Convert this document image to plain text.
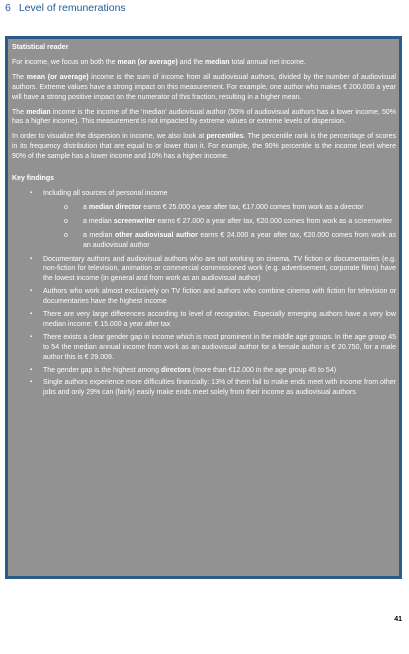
6 Level of remunerations

Statistical reader

For income, we focus on both the mean (or average) and the median total annual net income.

The mean (or average) income is the sum of income from all audiovisual authors, divided by the number of audiovisual authors. Extreme values have a strong impact on this measurement. For example, one author who makes € 200.000 a year will have a strong positive impact on the numerator of this fraction, resulting in a higher mean.

The median income is the income of the 'median' audiovisual author (50% of audiovisual authors has a lower income, 50% has a higher income). This measurement is not impacted by extreme values or extreme levels of dispersion.

In order to visualize the dispersion in income, we also look at percentiles. The percentile rank is the percentage of scores in its frequency distribution that are equal to or lower than it. For example, the 90% percentile is the income level where 90% of the sample has a lower income and 10% has a higher income.

Key findings

▪ Including all sources of personal income
o a median director earns € 25.000 a year after tax, €17.000 comes from work as a director
o a median screenwriter earns € 27.000 a year after tax, €20.000 comes from work as a screenwriter
o a median other audiovisual author earns € 24.000 a year after tax, €20.000 comes from work as an audiovisual author
▪ Documentary authors and audiovisual authors who are not working on cinema, TV fiction or documentaries (e.g. non-fiction for television, animation or commercial commissioned work (e.g. advertisement, corporate films) have the lowest income (in general and from work as an audiovisual author)
▪ Authors who work almost exclusively on TV fiction and authors who combine cinema with fiction for television or documentaries have the highest income
▪ There are very large differences according to level of recognition. Especially emerging authors have a very low median income: € 15.000 a year after tax
▪ There exists a clear gender gap in income which is most prominent in the middle age groups. In the age group 45 to 54 the median annual income from work as an audiovisual author for a female author is € 20.750, for a male author this is € 29.009.
▪ The gender gap is the highest among directors (more than €12.000 in the age group 45 to 54)
▪ Single authors experience more difficulties financially: 13% of them fail to make ends meet with income from other jobs and only 29% can (fairly) easily make ends meet solely from their income as audiovisual authors
41
